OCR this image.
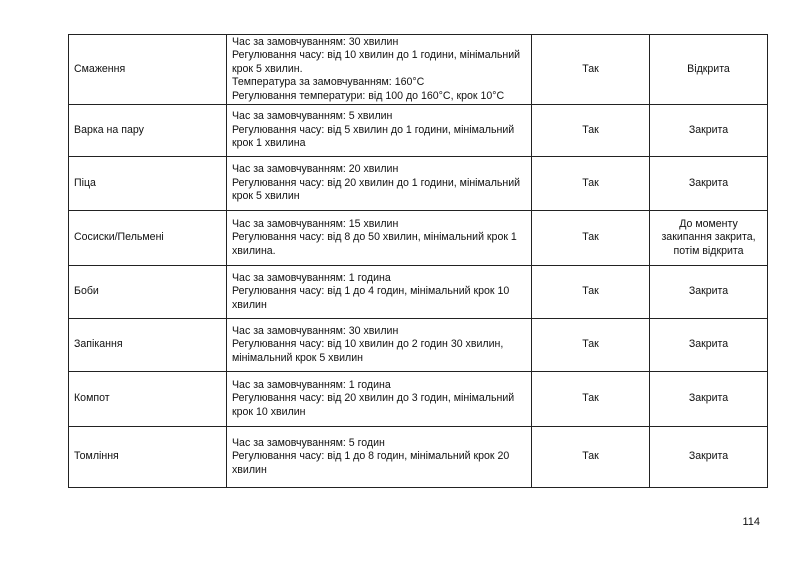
Смаження	Час за замовчуванням: 30 хвилин
Регулювання часу: від 10 хвилин до 1 години, мінімальний крок 5 хвилин.
Температура за замовчуванням: 160°C
Регулювання температури: від 100 до 160°C, крок 10°C	Так	Відкрита
Варка на пару	Час за замовчуванням: 5 хвилин
Регулювання часу: від 5 хвилин до 1 години, мінімальний крок 1 хвилина	Так	Закрита
Піца	Час за замовчуванням: 20 хвилин
Регулювання часу: від 20 хвилин до 1 години, мінімальний крок 5 хвилин	Так	Закрита
Сосиски/Пельмені	Час за замовчуванням: 15 хвилин
Регулювання часу: від 8 до 50 хвилин, мінімальний крок 1 хвилина.	Так	До моменту закипання закрита, потім відкрита
Боби	Час за замовчуванням: 1 година
Регулювання часу: від 1 до 4 годин, мінімальний крок 10 хвилин	Так	Закрита
Запікання	Час за замовчуванням: 30 хвилин
Регулювання часу: від 10 хвилин до 2 годин 30 хвилин, мінімальний крок 5 хвилин	Так	Закрита
Компот	Час за замовчуванням: 1 година
Регулювання часу: від 20 хвилин до 3 годин, мінімальний крок 10 хвилин	Так	Закрита
Томління	Час за замовчуванням: 5 годин
Регулювання часу: від 1 до 8 годин, мінімальний крок 20 хвилин	Так	Закрита
114
